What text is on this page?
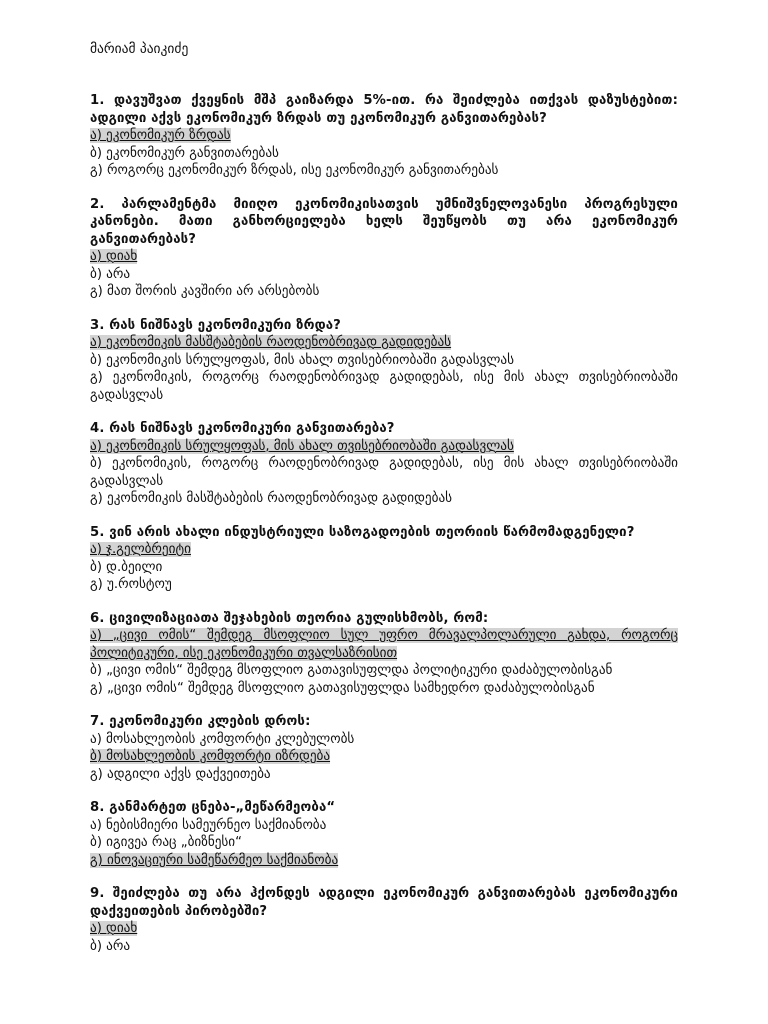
მარიამ პაიკიძე

1. დავუშვათ ქვეყნის მშპ გაიზარდა 5%-ით. რა შეიძლება ითქვას დაზუსტებით: ადგილი აქვს ეკონომიკურ ზრდას თუ ეკონომიკურ განვითარებას?

ა) ეკონომიკურ ზრდას

ბ) ეკონომიკურ განვითარებას

გ) როგორც ეკონომიკურ ზრდას, ისე ეკონომიკურ განვითარებას

2. პარლამენტმა მიიღო ეკონომიკისათვის უმნიშვნელოვანესი პროგრესული კანონები. მათი განხორციელება ხელს შეუწყობს თუ არა ეკონომიკურ განვითარებას?

ა) დიახ

ბ) არა

გ) მათ შორის კავშირი არ არსებობს

3. რას ნიშნავს ეკონომიკური ზრდა?

ა) ეკონომიკის მასშტაბების რაოდენობრივად გადიდებას

ბ) ეკონომიკის სრულყოფას, მის ახალ თვისებრიობაში გადასვლას

გ) ეკონომიკის, როგორც რაოდენობრივად გადიდებას, ისე მის ახალ თვისებრიობაში გადასვლას

4. რას ნიშნავს ეკონომიკური განვითარება?

ა) ეკონომიკის სრულყოფას, მის ახალ თვისებრიობაში გადასვლას

ბ) ეკონომიკის, როგორც რაოდენობრივად გადიდებას, ისე მის ახალ თვისებრიობაში გადასვლას

გ) ეკონომიკის მასშტაბების რაოდენობრივად გადიდებას

5. ვინ არის ახალი ინდუსტრიული საზოგადოების თეორიის წარმომადგენელი?

ა) ჯ.გელბრეიტი

ბ) დ.ბეილი

გ) უ.როსტოუ

6. ცივილიზაციათა შეჯახების თეორია გულისხმობს, რომ:

ა) „ცივი ომის“ შემდეგ მსოფლიო სულ უფრო მრავალპოლარული გახდა, როგორც პოლიტიკური, ისე ეკონომიკური თვალსაზრისით

ბ) „ცივი ომის“ შემდეგ მსოფლიო გათავისუფლდა პოლიტიკური დაძაბულობისგან

გ) „ცივი ომის“ შემდეგ მსოფლიო გათავისუფლდა სამხედრო დაძაბულობისგან

7. ეკონომიკური კლების დროს:

ა) მოსახლეობის კომფორტი კლებულობს

ბ) მოსახლეობის კომფორტი იზრდება

გ) ადგილი აქვს დაქვეითება

8. განმარტეთ ცნება-„მეწარმეობა“

ა) ნებისმიერი სამეურნეო საქმიანობა

ბ) იგივეა რაც „ბიზნესი“

გ) ინოვაციური სამეწარმეო საქმიანობა

9. შეიძლება თუ არა ჰქონდეს ადგილი ეკონომიკურ განვითარებას ეკონომიკური დაქვეითების პირობებში?

ა) დიახ

ბ) არა
